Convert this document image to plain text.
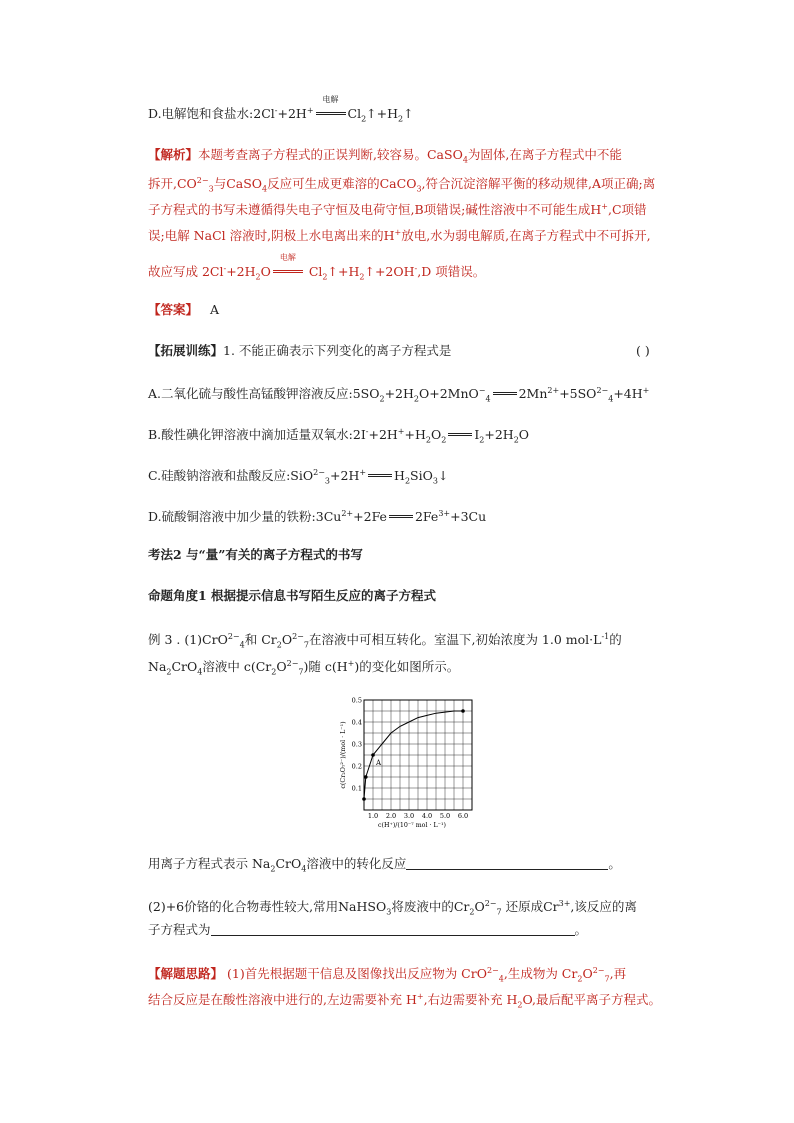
D.电解饱和食盐水:2Cl-+2H+
电解
$Cl_2↑+H_2↑$
【解析】本题考查离子方程式的正误判断,较容易。CaSO$_4$为固体,在离子方程式中不能
拆开$,CO^{2-}_3$与CaSO$_4$反应可生成更难溶的CaCO$_3$,符合沉淀溶解平衡的移动规律,A项正确;离
子方程式的书写未遵循得失电子守恒及电荷守恒,B项错误;碱性溶液中不可能生成H+,C项错
误;电解 NaCl 溶液时,阴极上水电离出来的H+放电,水为弱电解质,在离子方程式中不可拆开,
故应写成 $2Cl^-+2H_2O$
电解
$Cl_2↑+H_2↑+2OH^-,D$ 项错误。
【答案】 A
【拓展训练】1. 不能正确表示下列变化的离子方程式是	( )
A.二氧化硫与酸性高锰酸钾溶液反应$:5SO_2+2H_2O+2MnO^-_4$ $2Mn^{2+}+5SO^{2-}_4+4H^+$
B.酸性碘化钾溶液中滴加适量双氧水$:2I^-+2H^++H_2O_2$ $I_2+2H_2O$
C.硅酸钠溶液和盐酸反应:SiO$^{2-}_3$+2H+ $H_2SiO_3↓$
D.硫酸铜溶液中加少量的铁粉$:3Cu^{2+}+2Fe$ $2Fe^{3+}+3Cu$
考法2 与“量”有关的离子方程式的书写
命题角度1 根据提示信息书写陌生反应的离子方程式
例 3 . (1)CrO$^{2-}_4$和 $Cr_2O^{2-}_7$在溶液中可相互转化。室温下,初始浓度为 1.0 $mol\cdot L^{-1}$的
$Na_2CrO_4$溶液中 $c(Cr_2O^{2-}_7)$随 c(H+)的变化如图所示。
A
0.1
0.2
0.3
0.4
0.5
1.0 2.0 3.0 4.0 5.0 6.0
c(H⁺)/(10⁻⁷ mol · L⁻¹)
c(Cr₂O₇²⁻)/(mol · L⁻¹)
用离子方程式表示 $Na_2CrO_4$溶液中的转化反应	。
(2)+6价铬的化合物毒性较大,常用NaHSO$_3$将废液中的$Cr_2O^{2-}_7$ 还原成$Cr^{3+}$,该反应的离
子方程式为	。
【解题思路】 (1)首先根据题干信息及图像找出反应物为 CrO$^{2-}_4$,生成物为 $Cr_2O^{2-}_7$,再
结合反应是在酸性溶液中进行的,左边需要补充 H+,右边需要补充 $H_2O$,最后配平离子方程式。
